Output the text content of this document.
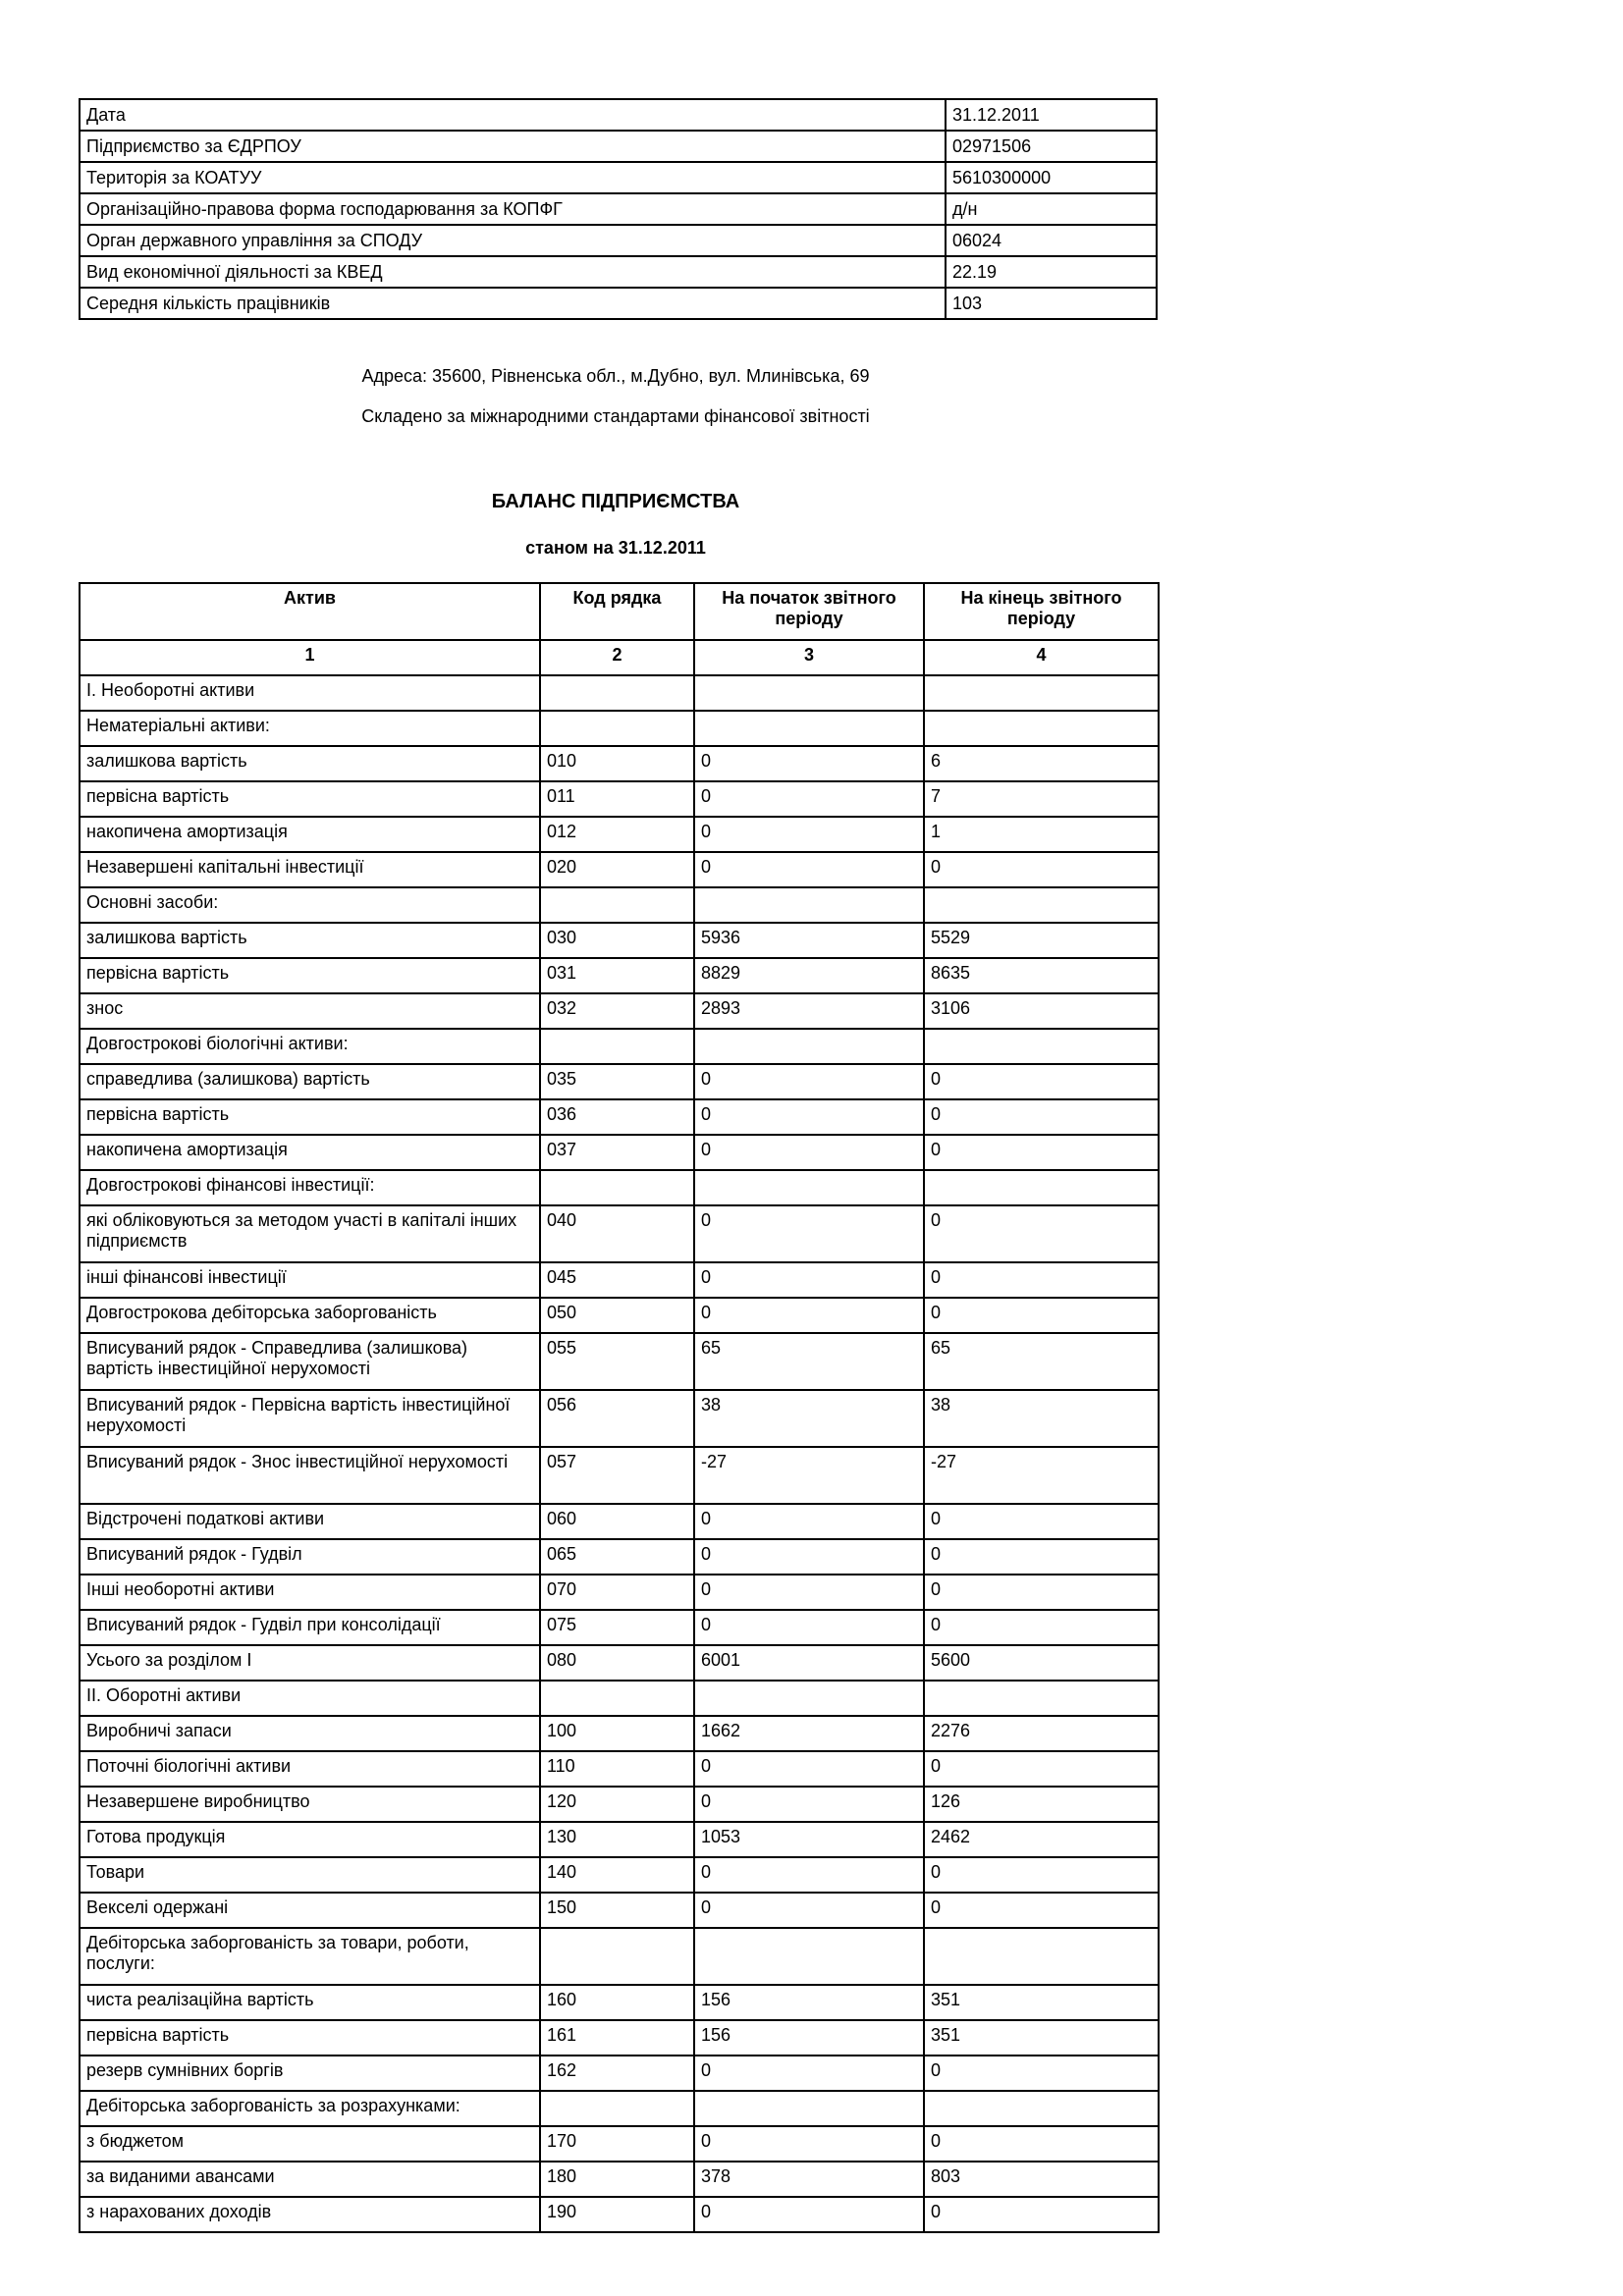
Дата	31.12.2011
Підприємство за ЄДРПОУ	02971506
Територія за КОАТУУ	5610300000
Організаційно-правова форма господарювання за КОПФГ	д/н
Орган державного управління за СПОДУ	06024
Вид економічної діяльності за КВЕД	22.19
Середня кількість працівників	103
Адреса: 35600, Рівненська обл., м.Дубно, вул. Млинівська, 69
Складено за міжнародними стандартами фінансової звітності
БАЛАНС ПІДПРИЄМСТВА
станом на 31.12.2011
Актив	Код рядка	На початок звітного періоду	На кінець звітного періоду
1	2	3	4
I. Необоротні активи			
Нематеріальні активи:			
залишкова вартість	010	0	6
первісна вартість	011	0	7
накопичена амортизація	012	0	1
Незавершені капітальні інвестиції	020	0	0
Основні засоби:			
залишкова вартість	030	5936	5529
первісна вартість	031	8829	8635
знос	032	2893	3106
Довгострокові біологічні активи:			
справедлива (залишкова) вартість	035	0	0
первісна вартість	036	0	0
накопичена амортизація	037	0	0
Довгострокові фінансові інвестиції:			
які обліковуються за методом участі в капіталі інших підприємств	040	0	0
інші фінансові інвестиції	045	0	0
Довгострокова дебіторська заборгованість	050	0	0
Вписуваний рядок - Справедлива (залишкова) вартість інвестиційної нерухомості	055	65	65
Вписуваний рядок - Первісна вартість інвестиційної нерухомості	056	38	38
Вписуваний рядок - Знос інвестиційної нерухомості	057	-27	-27
Відстрочені податкові активи	060	0	0
Вписуваний рядок - Гудвіл	065	0	0
Інші необоротні активи	070	0	0
Вписуваний рядок - Гудвіл при консолідації	075	0	0
Усього за розділом I	080	6001	5600
II. Оборотні активи			
Виробничі запаси	100	1662	2276
Поточні біологічні активи	110	0	0
Незавершене виробництво	120	0	126
Готова продукція	130	1053	2462
Товари	140	0	0
Векселі одержані	150	0	0
Дебіторська заборгованість за товари, роботи, послуги:			
чиста реалізаційна вартість	160	156	351
первісна вартість	161	156	351
резерв сумнівних боргів	162	0	0
Дебіторська заборгованість за розрахунками:			
з бюджетом	170	0	0
за виданими авансами	180	378	803
з нарахованих доходів	190	0	0
